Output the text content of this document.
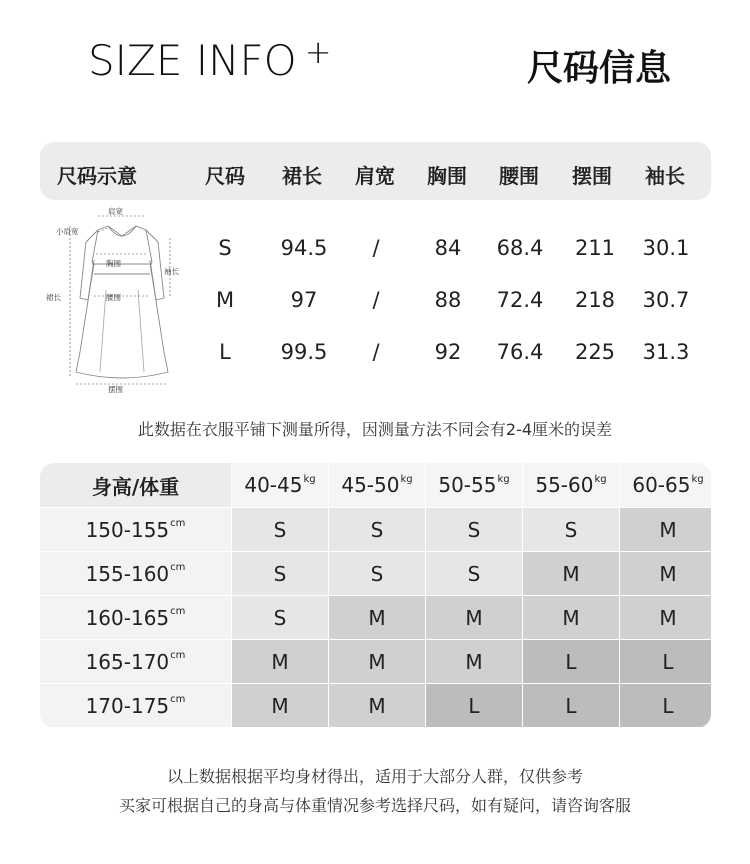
SIZE INFO +	尺码信息
尺码示意	尺码 裙长 肩宽 胸围 腰围 摆围 袖长
S 94.5 /	84 68.4 211 30.1
M	97	/	88 72.4 218 30.7
L 99.5 /	92 76.4 225 31.3
肩宽
小肩宽
胸围
袖长
裙长	腰围
摆围
此数据在衣服平铺下测量所得，因测量方法不同会有2-4厘米的误差
身高/体重	$40-45^{kg}$ $45-50^{kg}$ $50-55^{kg}$ $55-60^{kg}$ $60-65^{kg}$
$150-155^{cm}$	S	S	S	S	M
$155-160^{cm}$	S	S	S	M	M
$160-165^{cm}$	S	M	M	M	M
$165-170^{cm}$	M	M	M	L	L
$170-175^{cm}$	M	M	L	L	L
以上数据根据平均身材得出，适用于大部分人群，仅供参考
买家可根据自己的身高与体重情况参考选择尺码，如有疑问，请咨询客服
